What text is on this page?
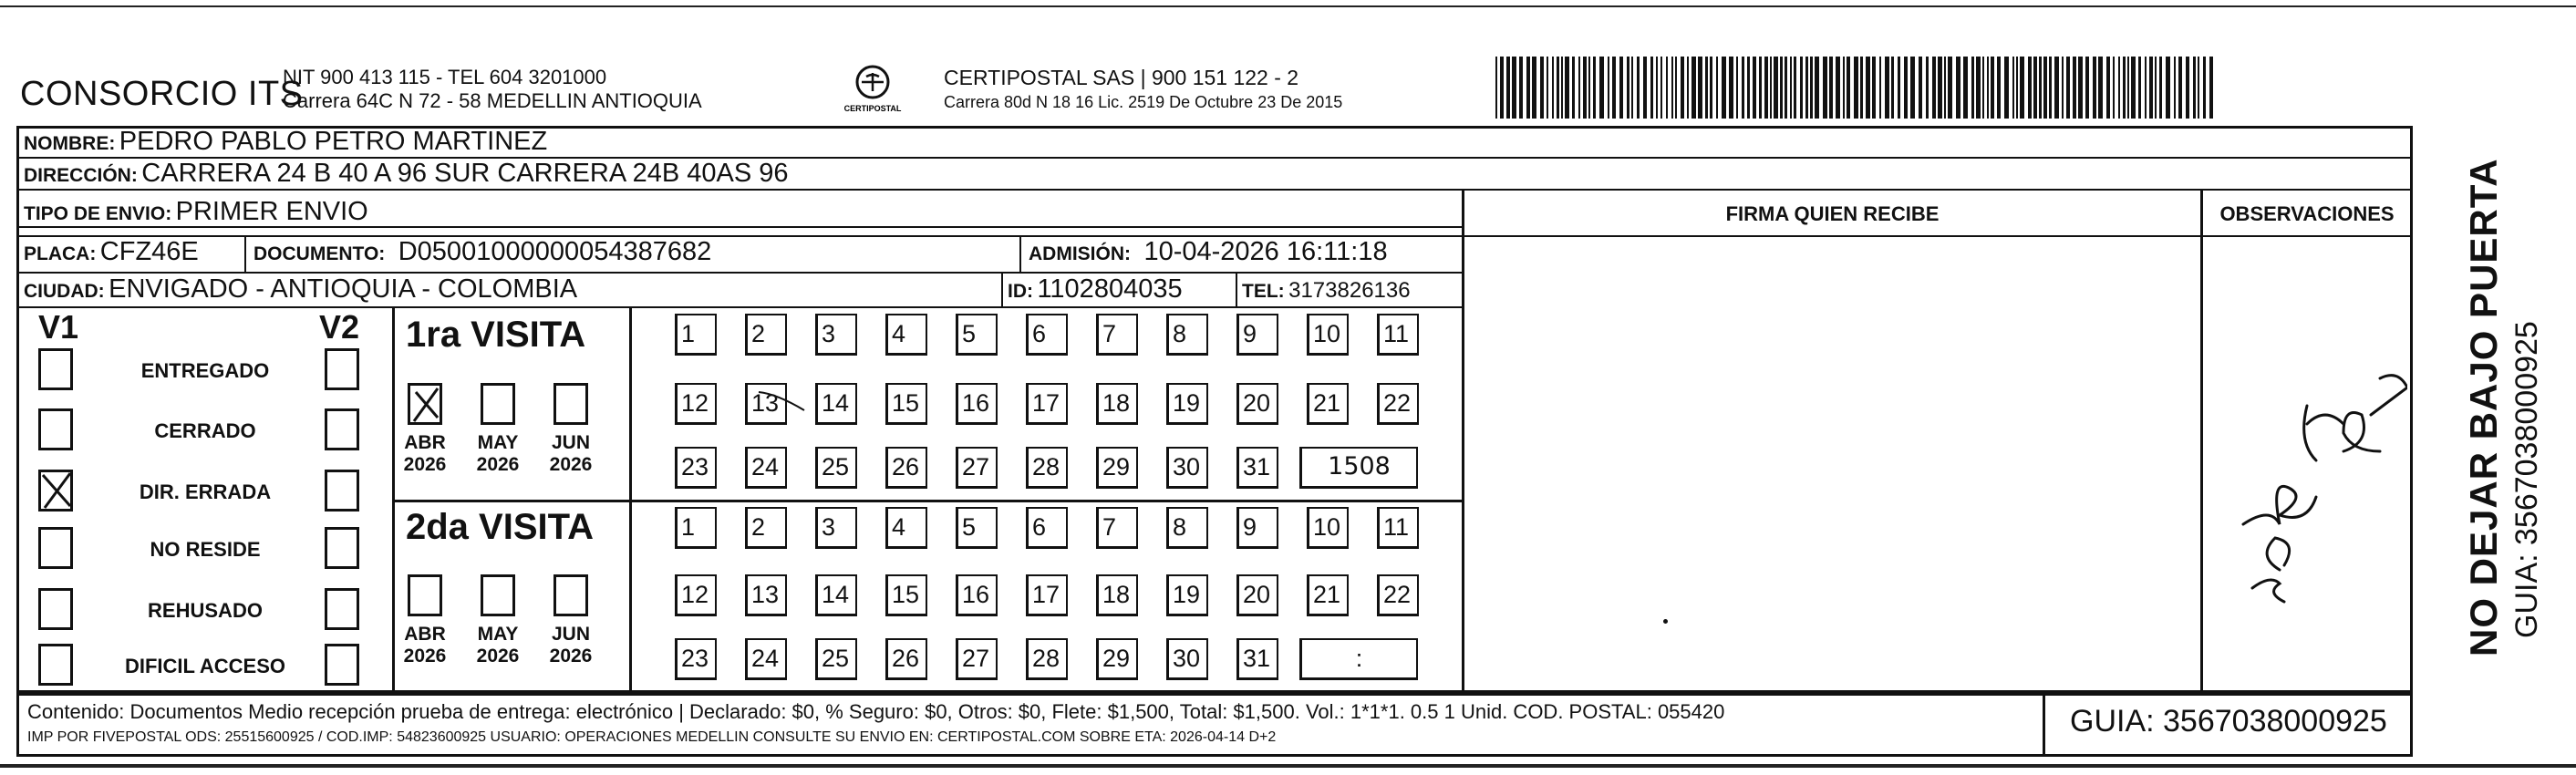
CONSORCIO ITS
NIT 900 413 115 - TEL 604 3201000
Carrera 64C N 72 - 58 MEDELLIN ANTIOQUIA	CERTIPOSTAL
CERTIPOSTAL SAS | 900 151 122 - 2
Carrera 80d N 18 16 Lic. 2519 De Octubre 23 De 2015
NOMBRE: PEDRO PABLO PETRO MARTINEZ
DIRECCIÓN: CARRERA 24 B 40 A 96 SUR CARRERA 24B 40AS 96
TIPO DE ENVIO: PRIMER ENVIO
PLACA: CFZ46E	DOCUMENTO: D05001000000054387682	ADMISIÓN: 10-04-2026 16:11:18
CIUDAD: ENVIGADO - ANTIOQUIA - COLOMBIA	ID: 1102804035	TEL: 3173826136
FIRMA QUIEN RECIBE	OBSERVACIONES
V1	V2
ENTREGADO
CERRADO
DIR. ERRADA
NO RESIDE
REHUSADO
DIFICIL ACCESO
1ra VISITA
2da VISITA
ABR
2026
MAY
2026
JUN
2026
ABR
2026
MAY
2026
JUN
2026
1	2	3	4	5	6	7	8	9	10	11
12	13	14	15	16	17	18	19	20	21	22
23	24	25	26	27	28	29	30	31	1508
1	2	3	4	5	6	7	8	9	10	11
12	13	14	15	16	17	18	19	20	21	22
23	24	25	26	27	28	29	30	31	:
Contenido: Documentos Medio recepción prueba de entrega: electrónico | Declarado: $0, % Seguro: $0, Otros: $0, Flete: $1,500, Total: $1,500. Vol.: 1*1*1. 0.5 1 Unid. COD. POSTAL: 055420
IMP POR FIVEPOSTAL ODS: 25515600925 / COD.IMP: 54823600925 USUARIO: OPERACIONES MEDELLIN CONSULTE SU ENVIO EN: CERTIPOSTAL.COM SOBRE ETA: 2026-04-14 D+2	GUIA: 3567038000925
NO DEJAR BAJO PUERTA GUIA: 3567038000925
